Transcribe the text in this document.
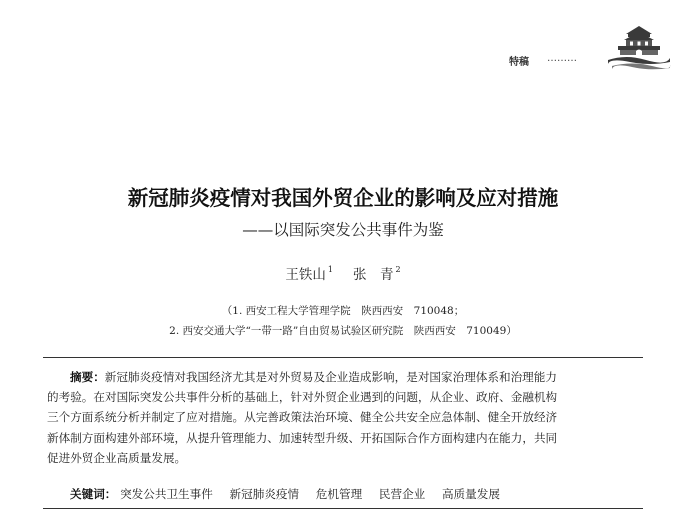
特稿 ………
新冠肺炎疫情对我国外贸企业的影响及应对措施
——以国际突发公共事件为鉴
王铁山 $^1$ 张　青 $^2$
（1. 西安工程大学管理学院　陕西西安　710048；
2. 西安交通大学“一带一路”自由贸易试验区研究院　陕西西安　710049）
摘要：新冠肺炎疫情对我国经济尤其是对外贸易及企业造成影响，是对国家治理体系和治理能力
的考验。在对国际突发公共事件分析的基础上，针对外贸企业遇到的问题，从企业、政府、金融机构
三个方面系统分析并制定了应对措施。从完善政策法治环境、健全公共安全应急体制、健全开放经济
新体制方面构建外部环境，从提升管理能力、加速转型升级、开拓国际合作方面构建内在能力，共同
促进外贸企业高质量发展。
关键词： 突发公共卫生事件 新冠肺炎疫情 危机管理 民营企业 高质量发展
